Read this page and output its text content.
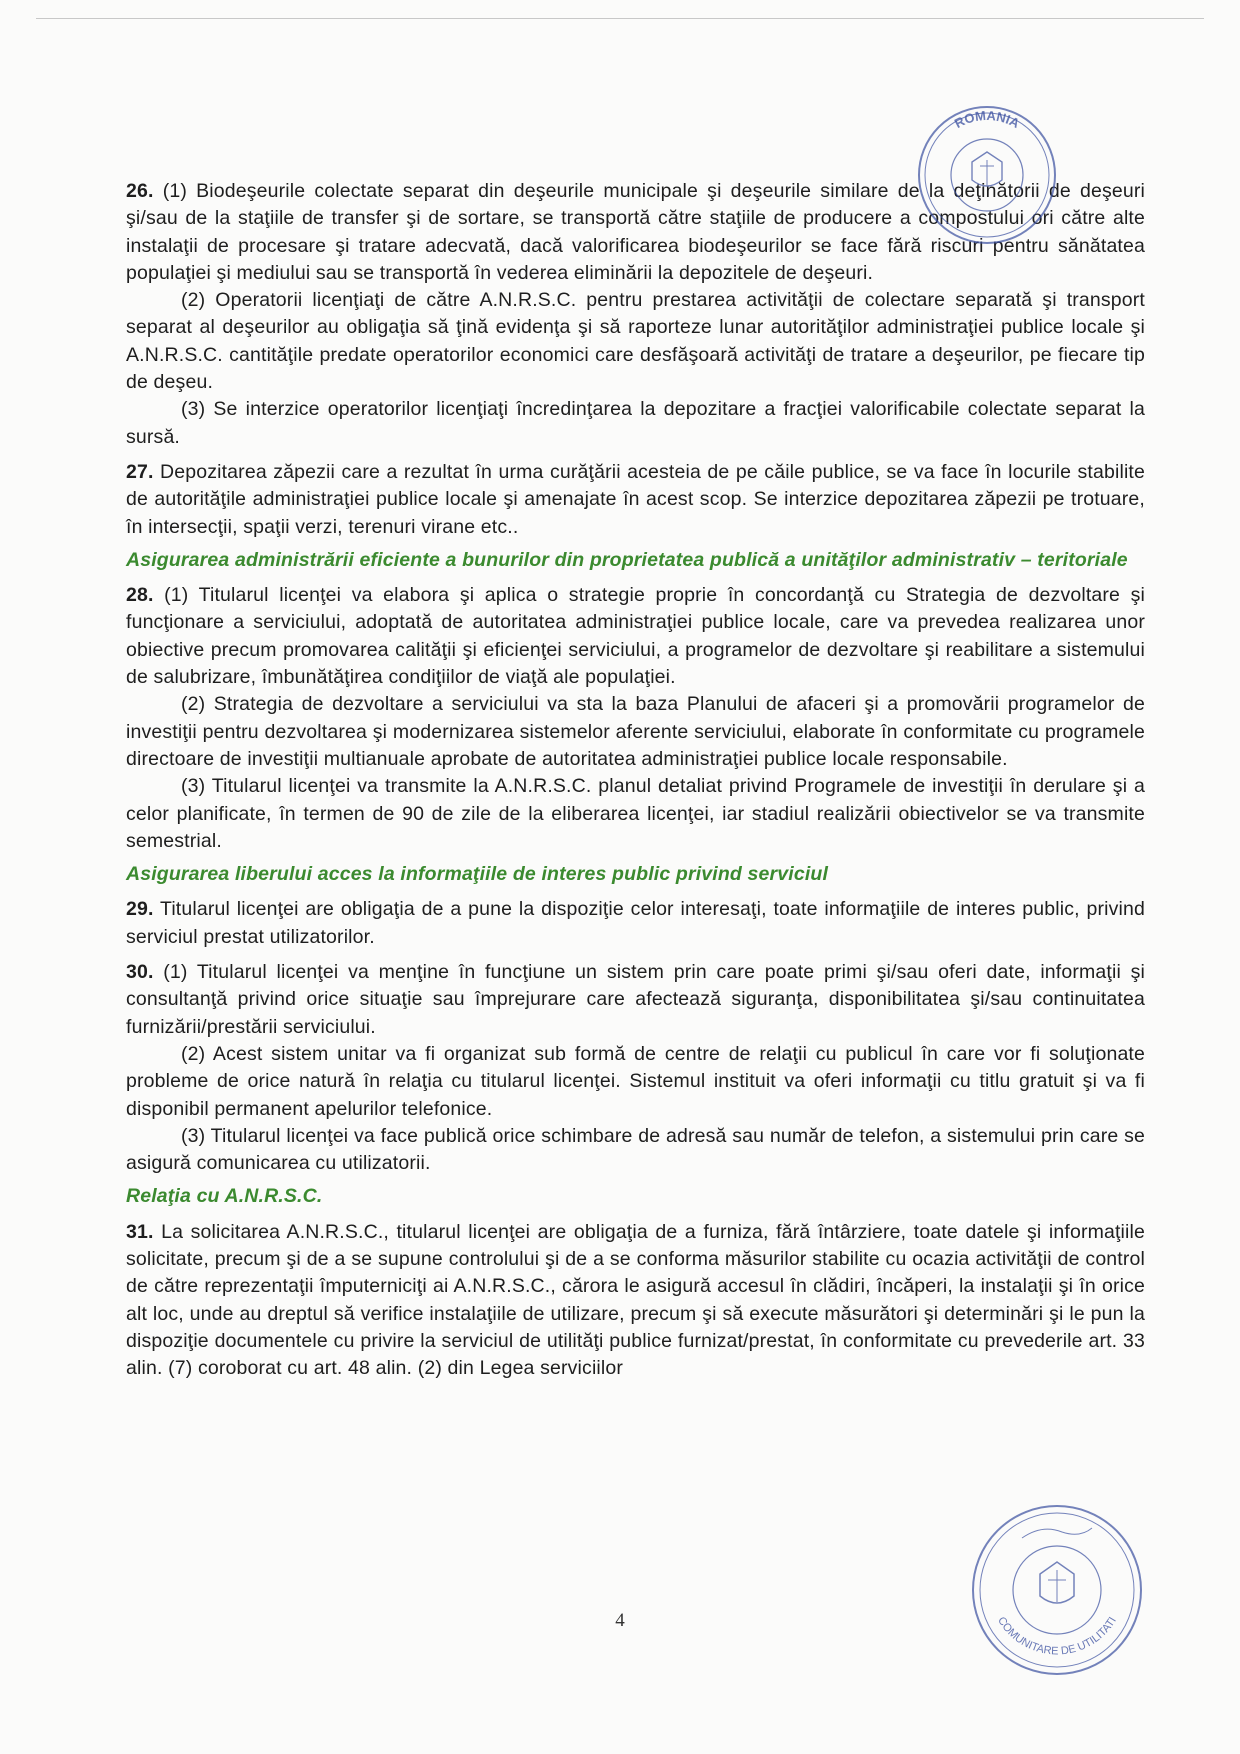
26. (1) Biodeşeurile colectate separat din deşeurile municipale şi deşeurile similare de la deţinătorii de deşeuri şi/sau de la staţiile de transfer şi de sortare, se transportă către staţiile de producere a compostului ori către alte instalaţii de procesare şi tratare adecvată, dacă valorificarea biodeşeurilor se face fără riscuri pentru sănătatea populaţiei şi mediului sau se transportă în vederea eliminării la depozitele de deşeuri.

(2) Operatorii licenţiaţi de către A.N.R.S.C. pentru prestarea activităţii de colectare separată şi transport separat al deşeurilor au obligaţia să ţină evidenţa şi să raporteze lunar autorităţilor administraţiei publice locale şi A.N.R.S.C. cantităţile predate operatorilor economici care desfăşoară activităţi de tratare a deşeurilor, pe fiecare tip de deşeu.

(3) Se interzice operatorilor licenţiaţi încredinţarea la depozitare a fracţiei valorificabile colectate separat la sursă.

27. Depozitarea zăpezii care a rezultat în urma curăţării acesteia de pe căile publice, se va face în locurile stabilite de autorităţile administraţiei publice locale şi amenajate în acest scop. Se interzice depozitarea zăpezii pe trotuare, în intersecţii, spaţii verzi, terenuri virane etc..

Asigurarea administrării eficiente a bunurilor din proprietatea publică a unităţilor administrativ – teritoriale

28. (1) Titularul licenţei va elabora şi aplica o strategie proprie în concordanţă cu Strategia de dezvoltare şi funcţionare a serviciului, adoptată de autoritatea administraţiei publice locale, care va prevedea realizarea unor obiective precum promovarea calităţii şi eficienţei serviciului, a programelor de dezvoltare şi reabilitare a sistemului de salubrizare, îmbunătăţirea condiţiilor de viaţă ale populaţiei.

(2) Strategia de dezvoltare a serviciului va sta la baza Planului de afaceri şi a promovării programelor de investiţii pentru dezvoltarea şi modernizarea sistemelor aferente serviciului, elaborate în conformitate cu programele directoare de investiţii multianuale aprobate de autoritatea administraţiei publice locale responsabile.

(3) Titularul licenţei va transmite la A.N.R.S.C. planul detaliat privind Programele de investiţii în derulare şi a celor planificate, în termen de 90 de zile de la eliberarea licenţei, iar stadiul realizării obiectivelor se va transmite semestrial.

Asigurarea liberului acces la informaţiile de interes public privind serviciul

29. Titularul licenţei are obligaţia de a pune la dispoziţie celor interesaţi, toate informaţiile de interes public, privind serviciul prestat utilizatorilor.

30. (1) Titularul licenţei va menţine în funcţiune un sistem prin care poate primi şi/sau oferi date, informaţii şi consultanţă privind orice situaţie sau împrejurare care afectează siguranţa, disponibilitatea şi/sau continuitatea furnizării/prestării serviciului.

(2) Acest sistem unitar va fi organizat sub formă de centre de relaţii cu publicul în care vor fi soluţionate probleme de orice natură în relaţia cu titularul licenţei. Sistemul instituit va oferi informaţii cu titlu gratuit şi va fi disponibil permanent apelurilor telefonice.

(3) Titularul licenţei va face publică orice schimbare de adresă sau număr de telefon, a sistemului prin care se asigură comunicarea cu utilizatorii.

Relaţia cu A.N.R.S.C.

31. La solicitarea A.N.R.S.C., titularul licenţei are obligaţia de a furniza, fără întârziere, toate datele şi informaţiile solicitate, precum şi de a se supune controlului şi de a se conforma măsurilor stabilite cu ocazia activităţii de control de către reprezentaţii împuterniciţi ai A.N.R.S.C., cărora le asigură accesul în clădiri, încăperi, la instalaţii şi în orice alt loc, unde au dreptul să verifice instalaţiile de utilizare, precum şi să execute măsurători şi determinări şi le pun la dispoziţie documentele cu privire la serviciul de utilităţi publice furnizat/prestat, în conformitate cu prevederile art. 33 alin. (7) coroborat cu art. 48 alin. (2) din Legea serviciilor

4
ROMANIA
COMUNITARE DE UTILITATI
